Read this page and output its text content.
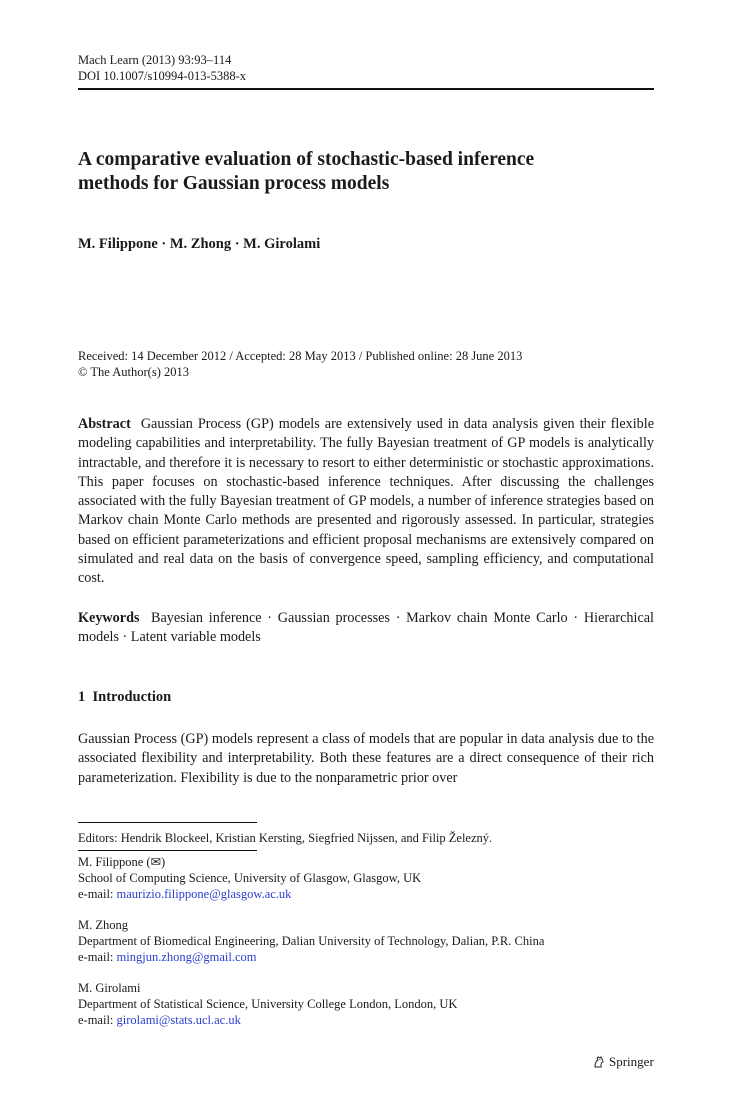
Mach Learn (2013) 93:93–114
DOI 10.1007/s10994-013-5388-x
A comparative evaluation of stochastic-based inference
methods for Gaussian process models
M. Filippone · M. Zhong · M. Girolami
Received: 14 December 2012 / Accepted: 28 May 2013 / Published online: 28 June 2013
© The Author(s) 2013
Abstract Gaussian Process (GP) models are extensively used in data analysis given their flexible modeling capabilities and interpretability. The fully Bayesian treatment of GP models is analytically intractable, and therefore it is necessary to resort to either deterministic or stochastic approximations. This paper focuses on stochastic-based inference techniques. After discussing the challenges associated with the fully Bayesian treatment of GP models, a number of inference strategies based on Markov chain Monte Carlo methods are presented and rigorously assessed. In particular, strategies based on efficient parameterizations and efficient proposal mechanisms are extensively compared on simulated and real data on the basis of convergence speed, sampling efficiency, and computational cost.
Keywords Bayesian inference · Gaussian processes · Markov chain Monte Carlo · Hierarchical models · Latent variable models
1 Introduction
Gaussian Process (GP) models represent a class of models that are popular in data analysis due to the associated flexibility and interpretability. Both these features are a direct consequence of their rich parameterization. Flexibility is due to the nonparametric prior over
Editors: Hendrik Blockeel, Kristian Kersting, Siegfried Nijssen, and Filip Železný.
M. Filippone (✉)
School of Computing Science, University of Glasgow, Glasgow, UK
e-mail: maurizio.filippone@glasgow.ac.uk
M. Zhong
Department of Biomedical Engineering, Dalian University of Technology, Dalian, P.R. China
e-mail: mingjun.zhong@gmail.com
M. Girolami
Department of Statistical Science, University College London, London, UK
e-mail: girolami@stats.ucl.ac.uk
Springer
